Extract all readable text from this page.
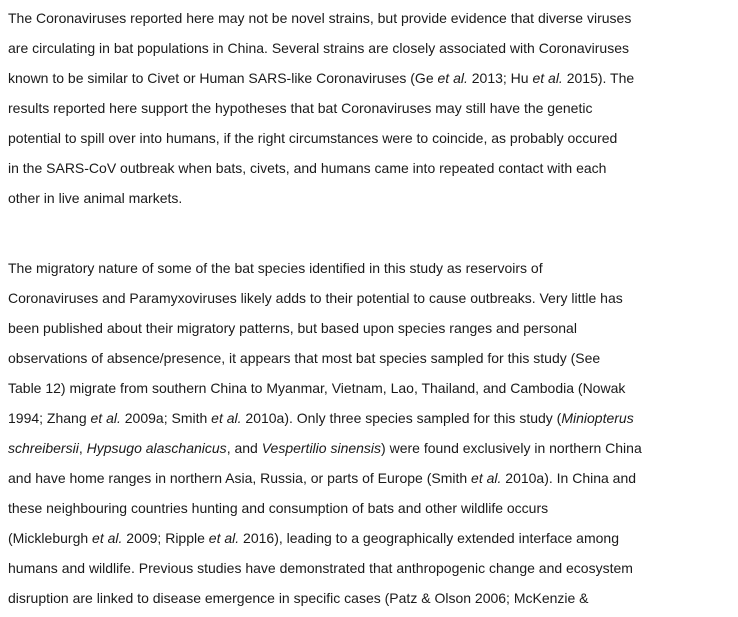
The Coronaviruses reported here may not be novel strains, but provide evidence that diverse viruses
are circulating in bat populations in China. Several strains are closely associated with Coronaviruses
known to be similar to Civet or Human SARS-like Coronaviruses (Ge et al. 2013; Hu et al. 2015). The
results reported here support the hypotheses that bat Coronaviruses may still have the genetic
potential to spill over into humans, if the right circumstances were to coincide, as probably occured
in the SARS-CoV outbreak when bats, civets, and humans came into repeated contact with each
other in live animal markets.
The migratory nature of some of the bat species identified in this study as reservoirs of
Coronaviruses and Paramyxoviruses likely adds to their potential to cause outbreaks. Very little has
been published about their migratory patterns, but based upon species ranges and personal
observations of absence/presence, it appears that most bat species sampled for this study (See
Table 12) migrate from southern China to Myanmar, Vietnam, Lao, Thailand, and Cambodia (Nowak
1994; Zhang et al. 2009a; Smith et al. 2010a). Only three species sampled for this study (Miniopterus
schreibersii, Hypsugo alaschanicus, and Vespertilio sinensis) were found exclusively in northern China
and have home ranges in northern Asia, Russia, or parts of Europe (Smith et al. 2010a). In China and
these neighbouring countries hunting and consumption of bats and other wildlife occurs
(Mickleburgh et al. 2009; Ripple et al. 2016), leading to a geographically extended interface among
humans and wildlife. Previous studies have demonstrated that anthropogenic change and ecosystem
disruption are linked to disease emergence in specific cases (Patz & Olson 2006; McKenzie &
